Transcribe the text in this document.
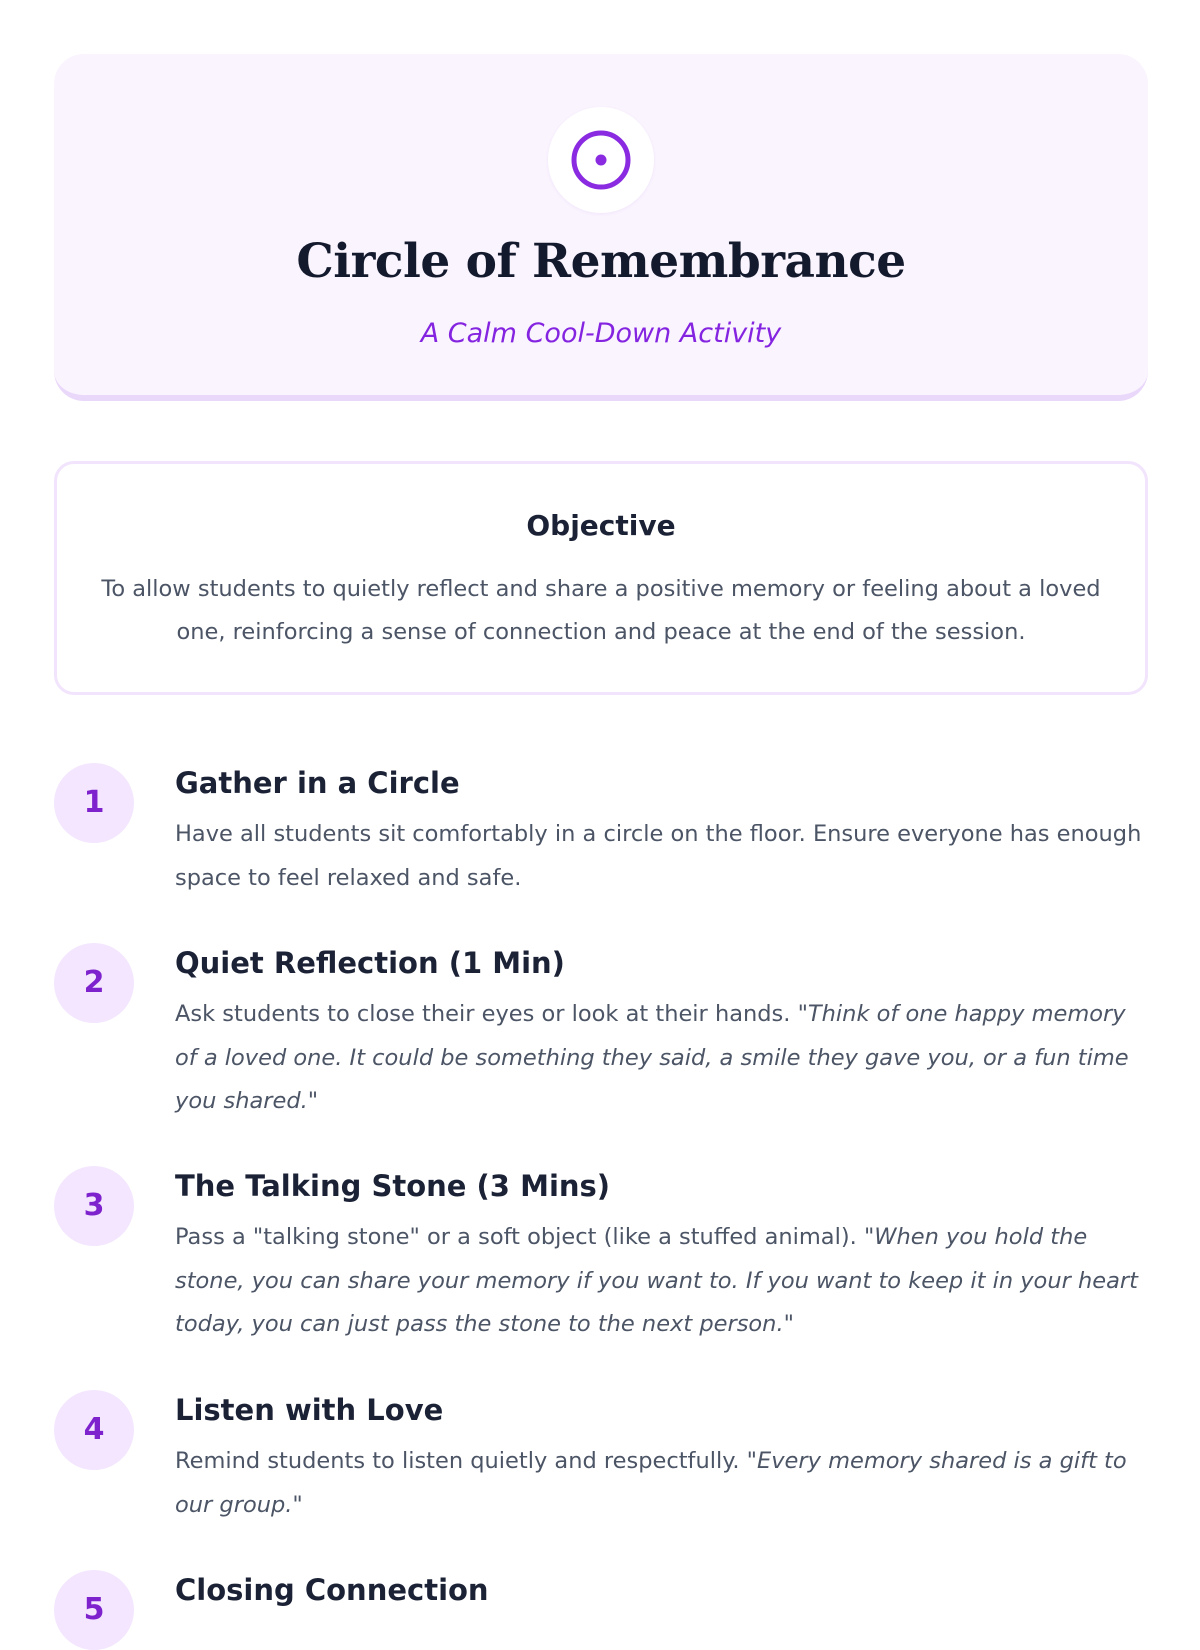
Circle of Remembrance

A Calm Cool-Down Activity

Objective

To allow students to quietly reflect and share a positive memory or feeling about a loved one, reinforcing a sense of connection and peace at the end of the session.

1
Gather in a Circle

Have all students sit comfortably in a circle on the floor. Ensure everyone has enough space to feel relaxed and safe.

2
Quiet Reflection (1 Min)

Ask students to close their eyes or look at their hands. "Think of one happy memory of a loved one. It could be something they said, a smile they gave you, or a fun time you shared."

3
The Talking Stone (3 Mins)

Pass a "talking stone" or a soft object (like a stuffed animal). "When you hold the stone, you can share your memory if you want to. If you want to keep it in your heart today, you can just pass the stone to the next person."

4
Listen with Love

Remind students to listen quietly and respectfully. "Every memory shared is a gift to our group."

5
Closing Connection
